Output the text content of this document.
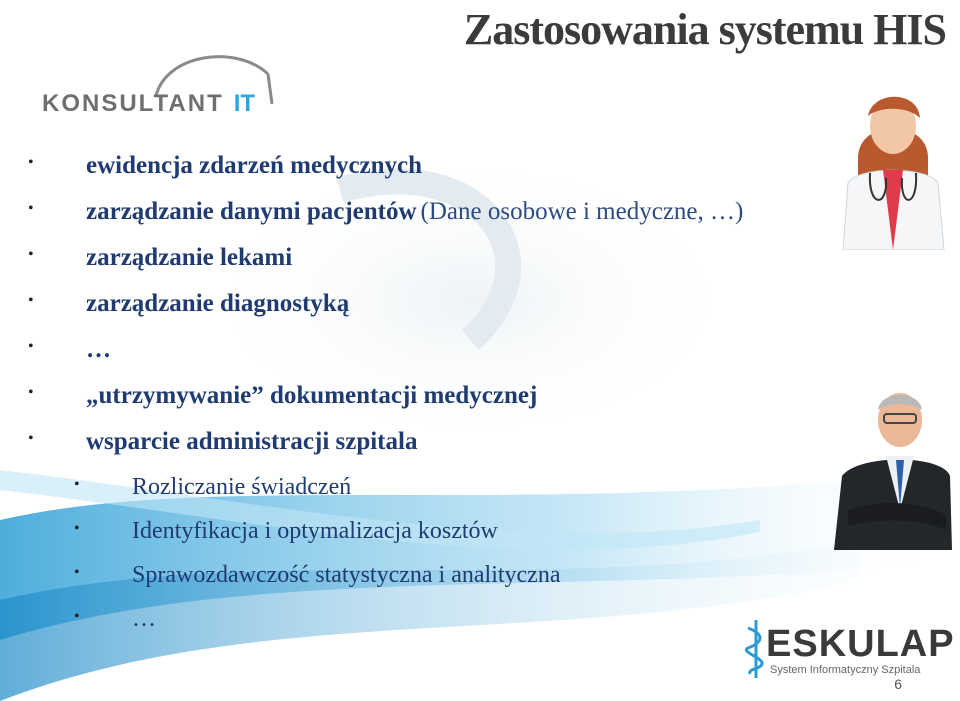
Zastosowania systemu HIS
KONSULTANT IT
• ewidencja zdarzeń medycznych
• zarządzanie danymi pacjentów (Dane osobowe i medyczne, …)
• zarządzanie lekami
• zarządzanie diagnostyką
• …
• „utrzymywanie” dokumentacji medycznej
• wsparcie administracji szpitala
• Rozliczanie świadczeń
• Identyfikacja i optymalizacja kosztów
• Sprawozdawczość statystyczna i analityczna
• …
ESKULAP
System Informatyczny Szpitala
6
